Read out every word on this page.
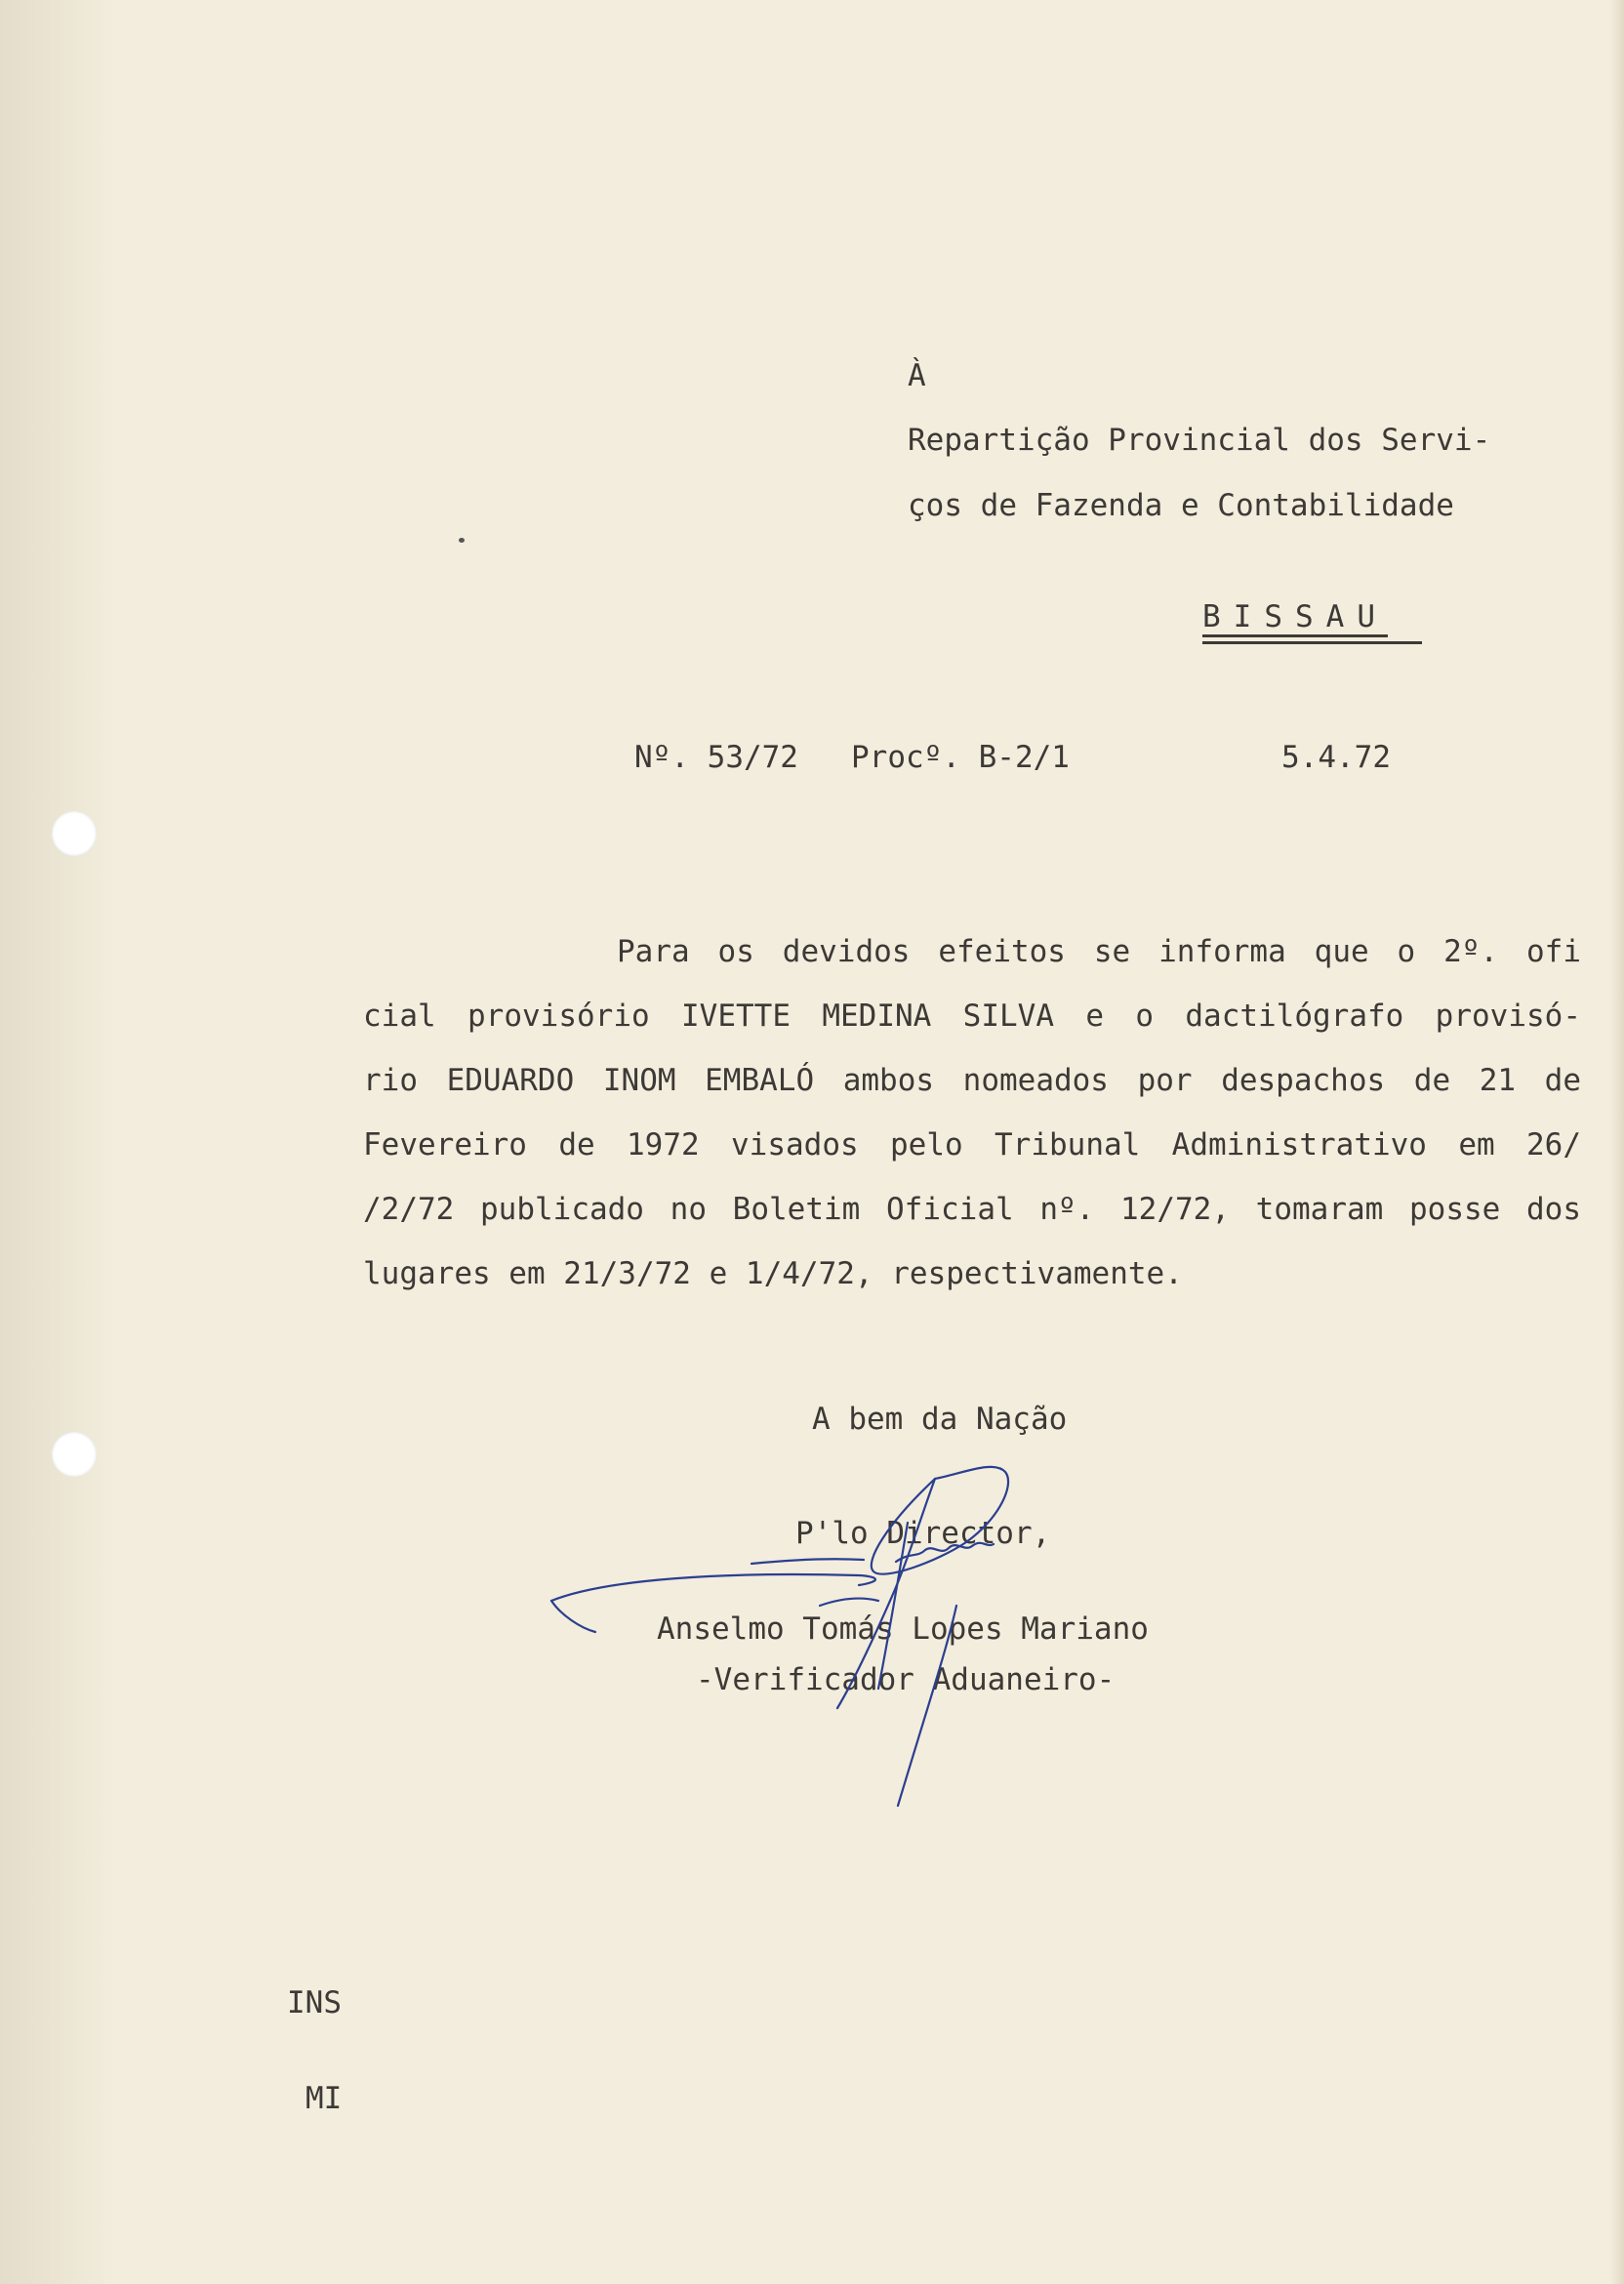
À
Repartição Provincial dos Servi-
ços de Fazenda e Contabilidade
BISSAU
Nº. 53/72 Procº. B-2/1	5.4.72
Para os devidos efeitos se informa que o 2º. ofi
cial provisório IVETTE MEDINA SILVA e o dactilógrafo provisó-
rio EDUARDO INOM EMBALÓ ambos nomeados por despachos de 21 de
Fevereiro de 1972 visados pelo Tribunal Administrativo em 26/
/2/72 publicado no Boletim Oficial nº. 12/72, tomaram posse dos
lugares em 21/3/72 e 1/4/72, respectivamente.
A bem da Nação
P'lo Director,
Anselmo Tomás Lopes Mariano
-Verificador Aduaneiro-
INS
MI
